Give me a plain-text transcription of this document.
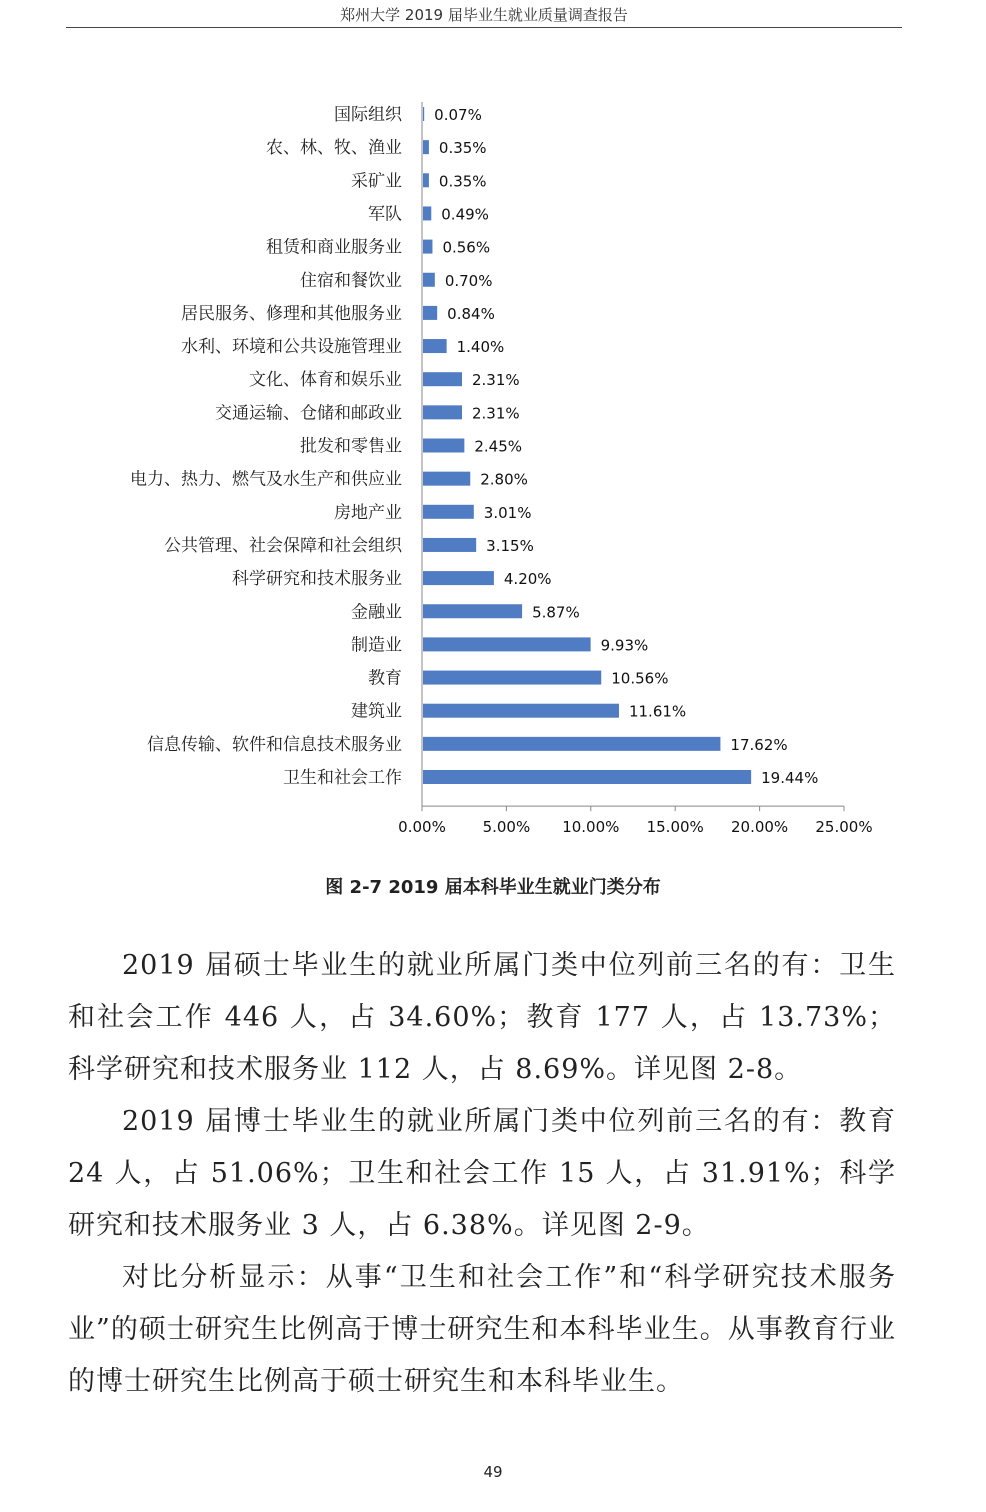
郑州大学 2019 届毕业生就业质量调查报告
国际组织 0.07%
农、林、牧、渔业 0.35%
采矿业 0.35%
军队	0.49%
租赁和商业服务业	0.56%
住宿和餐饮业	0.70%
居民服务、修理和其他服务业	0.84%
水利、环境和公共设施管理业	1.40%
文化、体育和娱乐业	2.31%
交通运输、仓储和邮政业	2.31%
批发和零售业	2.45%
电力、热力、燃气及水生产和供应业	2.80%
房地产业	3.01%
公共管理、社会保障和社会组织	3.15%
科学研究和技术服务业	4.20%
金融业	5.87%
制造业	9.93%
教育	10.56%
建筑业	11.61%
信息传输、软件和信息技术服务业	17.62%
卫生和社会工作	19.44%
0.00% 5.00% 10.00% 15.00% 20.00% 25.00%
图 2-7 2019 届本科毕业生就业门类分布

2019 届硕士毕业生的就业所属门类中位列前三名的有：卫生和社会工作 446 人，占 34.60%；教育 177 人，占 13.73%；科学研究和技术服务业 112 人，占 8.69%。详见图 2-8。

2019 届博士毕业生的就业所属门类中位列前三名的有：教育 24 人，占 51.06%；卫生和社会工作 15 人，占 31.91%；科学研究和技术服务业 3 人，占 6.38%。详见图 2-9。

对比分析显示：从事“卫生和社会工作”和“科学研究技术服务业”的硕士研究生比例高于博士研究生和本科毕业生。从事教育行业的博士研究生比例高于硕士研究生和本科毕业生。

49
